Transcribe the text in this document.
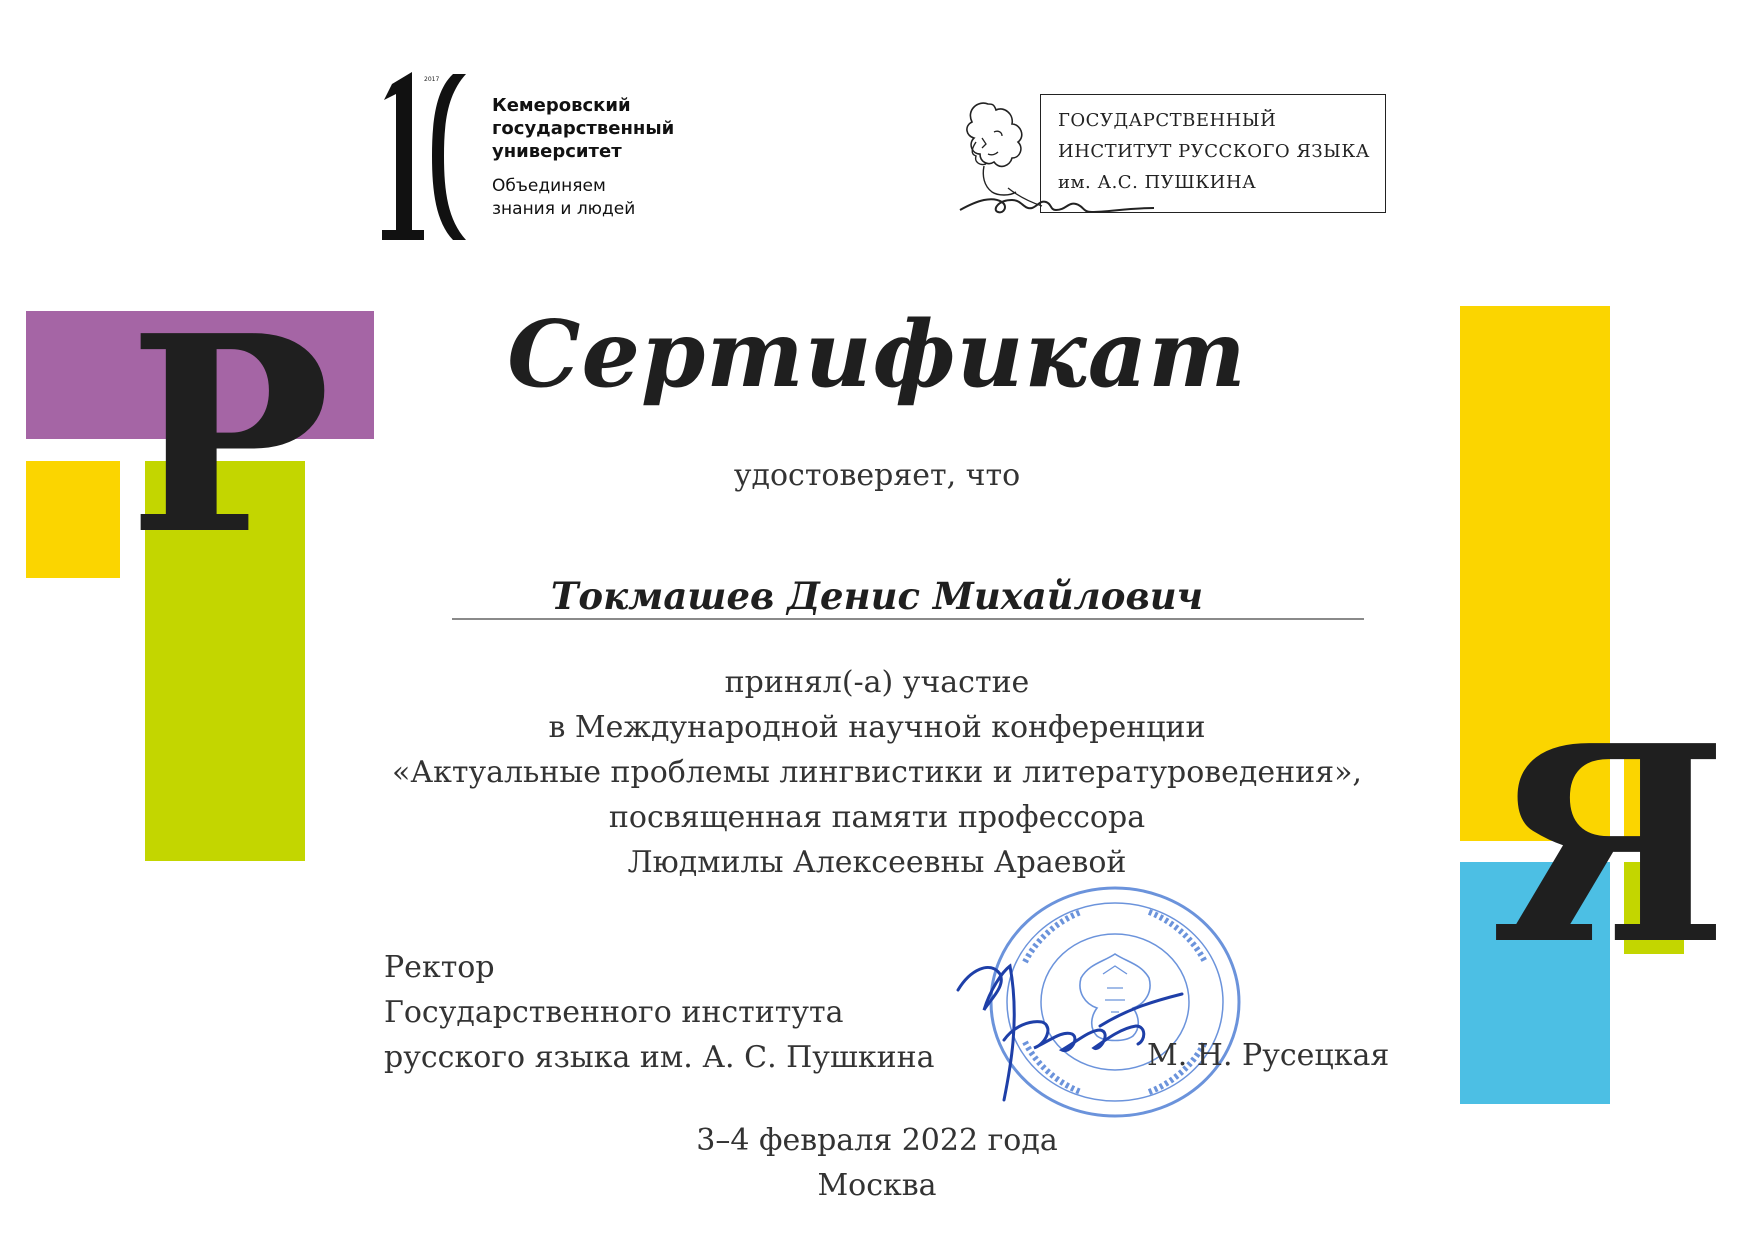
Р
Я
2017
Кемеровский
государственный
университет
Объединяем
знания и людей
ГОСУДАРСТВЕННЫЙ
ИНСТИТУТ РУССКОГО ЯЗЫКА
им. А.С. ПУШКИНА
Сертификат
удостоверяет, что
Токмашев Денис Михайлович
принял(-а) участие
в Международной научной конференции
«Актуальные проблемы лингвистики и литературоведения»,
посвященная памяти профессора
Людмилы Алексеевны Араевой
Ректор
Государственного института
русского языка им. А. С. Пушкина	М. Н. Русецкая
3–4 февраля 2022 года
Москва
